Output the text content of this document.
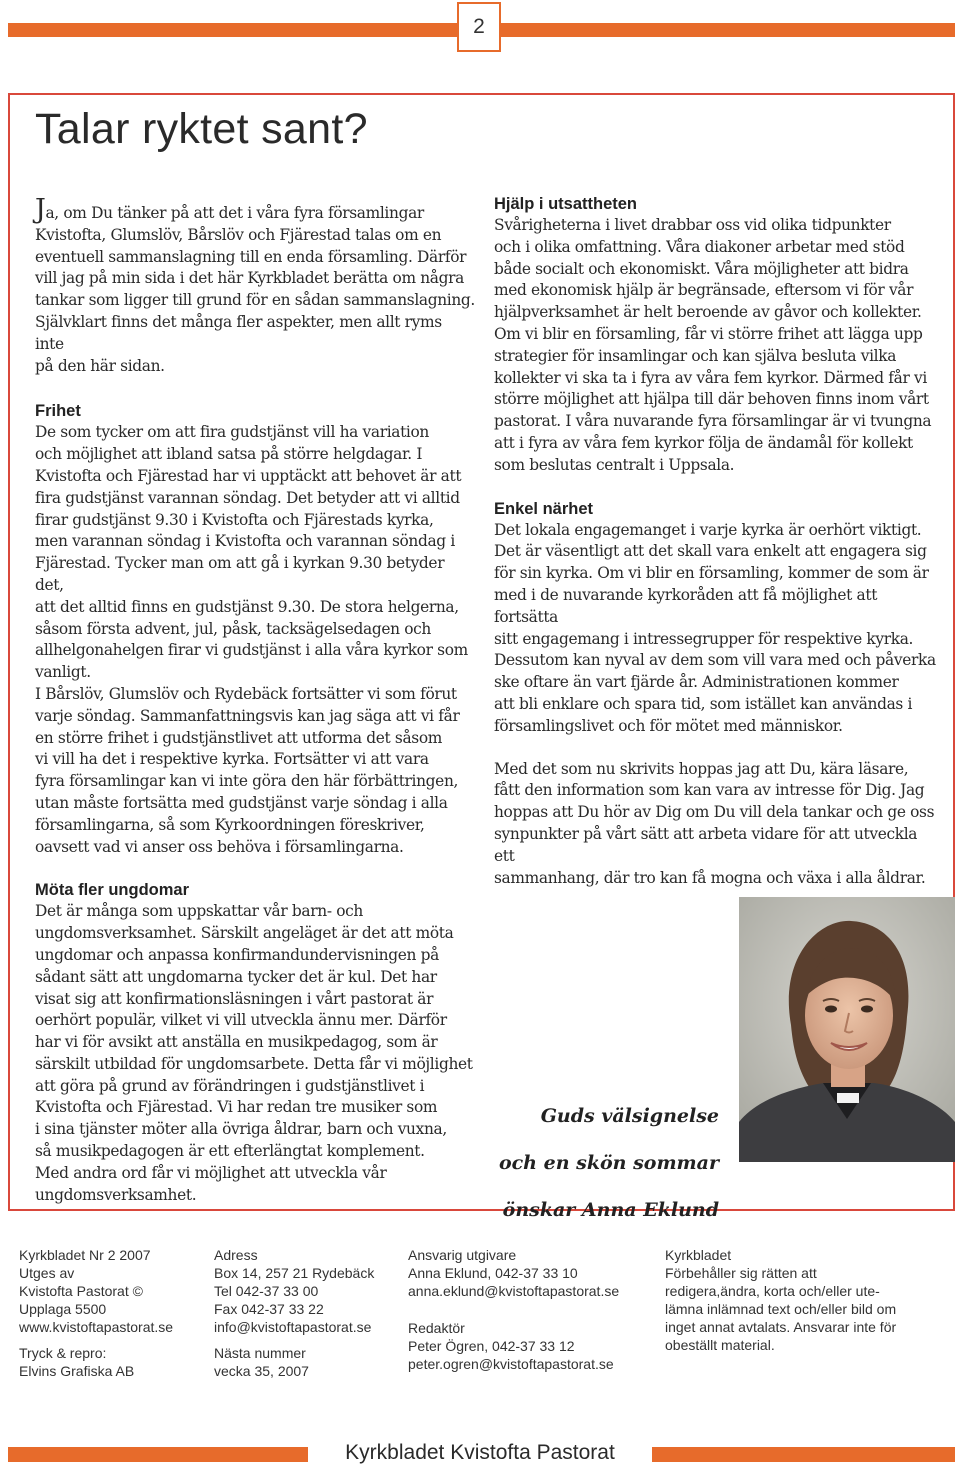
2
Talar ryktet sant?

Ja, om Du tänker på att det i våra fyra församlingar

Kvistofta, Glumslöv, Bårslöv och Fjärestad talas om en

eventuell sammanslagning till en enda församling. Därför

vill jag på min sida i det här Kyrkbladet berätta om några

tankar som ligger till grund för en sådan sammanslagning.

Självklart finns det många fler aspekter, men allt ryms inte

på den här sidan.

Frihet

De som tycker om att fira gudstjänst vill ha variation

och möjlighet att ibland satsa på större helgdagar. I

Kvistofta och Fjärestad har vi upptäckt att behovet är att

fira gudstjänst varannan söndag. Det betyder att vi alltid

firar gudstjänst 9.30 i Kvistofta och Fjärestads kyrka,

men varannan söndag i Kvistofta och varannan söndag i

Fjärestad. Tycker man om att gå i kyrkan 9.30 betyder det,

att det alltid finns en gudstjänst 9.30. De stora helgerna,

såsom första advent, jul, påsk, tacksägelsedagen och

allhelgonahelgen firar vi gudstjänst i alla våra kyrkor som

vanligt.

I Bårslöv, Glumslöv och Rydebäck fortsätter vi som förut

varje söndag. Sammanfattningsvis kan jag säga att vi får

en större frihet i gudstjänstlivet att utforma det såsom

vi vill ha det i respektive kyrka. Fortsätter vi att vara

fyra församlingar kan vi inte göra den här förbättringen,

utan måste fortsätta med gudstjänst varje söndag i alla

församlingarna, så som Kyrkoordningen föreskriver,

oavsett vad vi anser oss behöva i församlingarna.

Möta fler ungdomar

Det är många som uppskattar vår barn- och

ungdomsverksamhet. Särskilt angeläget är det att möta

ungdomar och anpassa konfirmandundervisningen på

sådant sätt att ungdomarna tycker det är kul. Det har

visat sig att konfirmationsläsningen i vårt pastorat är

oerhört populär, vilket vi vill utveckla ännu mer. Därför

har vi för avsikt att anställa en musikpedagog, som är

särskilt utbildad för ungdomsarbete. Detta får vi möjlighet

att göra på grund av förändringen i gudstjänstlivet i

Kvistofta och Fjärestad. Vi har redan tre musiker som

i sina tjänster möter alla övriga åldrar, barn och vuxna,

så musikpedagogen är ett efterlängtat komplement.

Med andra ord får vi möjlighet att utveckla vår

ungdomsverksamhet.

Hjälp i utsattheten

Svårigheterna i livet drabbar oss vid olika tidpunkter

och i olika omfattning. Våra diakoner arbetar med stöd

både socialt och ekonomiskt. Våra möjligheter att bidra

med ekonomisk hjälp är begränsade, eftersom vi för vår

hjälpverksamhet är helt beroende av gåvor och kollekter.

Om vi blir en församling, får vi större frihet att lägga upp

strategier för insamlingar och kan själva besluta vilka

kollekter vi ska ta i fyra av våra fem kyrkor. Därmed får vi

större möjlighet att hjälpa till där behoven finns inom vårt

pastorat. I våra nuvarande fyra församlingar är vi tvungna

att i fyra av våra fem kyrkor följa de ändamål för kollekt

som beslutas centralt i Uppsala.

Enkel närhet

Det lokala engagemanget i varje kyrka är oerhört viktigt.

Det är väsentligt att det skall vara enkelt att engagera sig

för sin kyrka. Om vi blir en församling, kommer de som är

med i de nuvarande kyrkoråden att få möjlighet att fortsätta

sitt engagemang i intressegrupper för respektive kyrka.

Dessutom kan nyval av dem som vill vara med och påverka

ske oftare än vart fjärde år. Administrationen kommer

att bli enklare och spara tid, som istället kan användas i

församlingslivet och för mötet med människor.

Med det som nu skrivits hoppas jag att Du, kära läsare,

fått den information som kan vara av intresse för Dig. Jag

hoppas att Du hör av Dig om Du vill dela tankar och ge oss

synpunkter på vårt sätt att arbeta vidare för att utveckla ett

sammanhang, där tro kan få mogna och växa i alla åldrar.

Guds välsignelse

och en skön sommar

önskar Anna Eklund

Kyrkbladet Nr 2 2007

Utges av

Kvistofta Pastorat ©

Upplaga 5500

www.kvistoftapastorat.se

Tryck & repro:

Elvins Grafiska AB

Adress

Box 14, 257 21 Rydebäck

Tel 042-37 33 00

Fax 042-37 33 22

info@kvistoftapastorat.se

Nästa nummer

vecka 35, 2007

Ansvarig utgivare

Anna Eklund, 042-37 33 10

anna.eklund@kvistoftapastorat.se

Redaktör

Peter Ögren, 042-37 33 12

peter.ogren@kvistoftapastorat.se

Kyrkbladet

Förbehåller sig rätten att

redigera,ändra, korta och/eller ute-

lämna inlämnad text och/eller bild om

inget annat avtalats. Ansvarar inte för

obeställt material.

Kyrkbladet Kvistofta Pastorat
